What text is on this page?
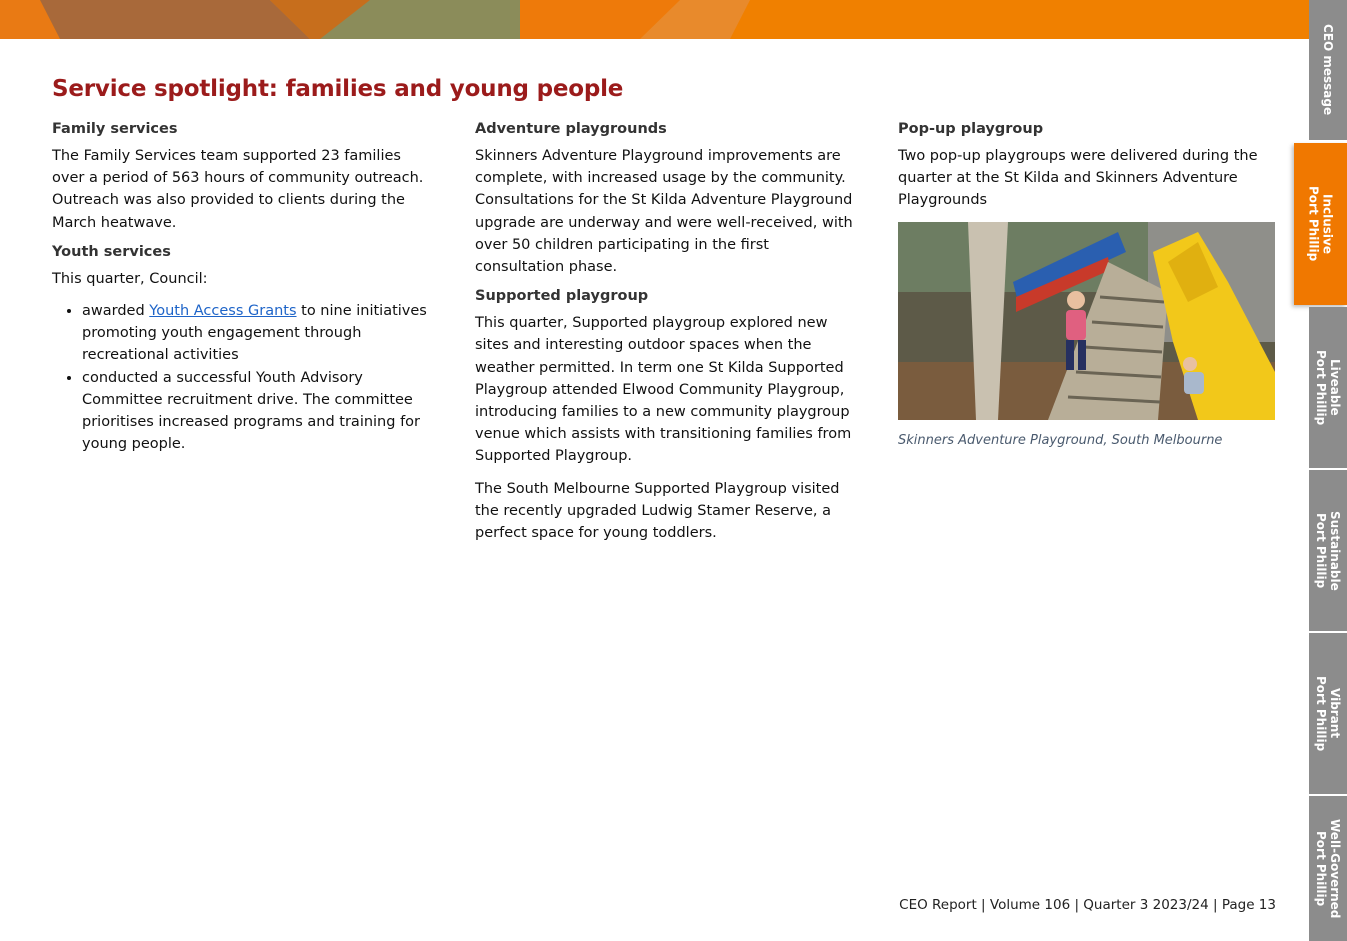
Service spotlight: families and young people
Family services

The Family Services team supported 23 families over a period of 563 hours of community outreach. Outreach was also provided to clients during the March heatwave.

Youth services

This quarter, Council:

• awarded Youth Access Grants to nine initiatives promoting youth engagement through recreational activities
• conducted a successful Youth Advisory Committee recruitment drive. The committee prioritises increased programs and training for young people.
Adventure playgrounds

Skinners Adventure Playground improvements are complete, with increased usage by the community. Consultations for the St Kilda Adventure Playground upgrade are underway and were well-received, with over 50 children participating in the first consultation phase.

Supported playgroup

This quarter, Supported playgroup explored new sites and interesting outdoor spaces when the weather permitted. In term one St Kilda Supported Playgroup attended Elwood Community Playgroup, introducing families to a new community playgroup venue which assists with transitioning families from Supported Playgroup.

The South Melbourne Supported Playgroup visited the recently upgraded Ludwig Stamer Reserve, a perfect space for young toddlers.

Pop-up playgroup

Two pop-up playgroups were delivered during the quarter at the St Kilda and Skinners Adventure Playgrounds

Skinners Adventure Playground, South Melbourne
CEO Report | Volume 106 | Quarter 3 2023/24 | Page 13
CEO message
Inclusive
Port Phillip
Liveable
Port Phillip
Sustainable
Port Phillip
Vibrant
Port Phillip
Well-Governed
Port Phillip
